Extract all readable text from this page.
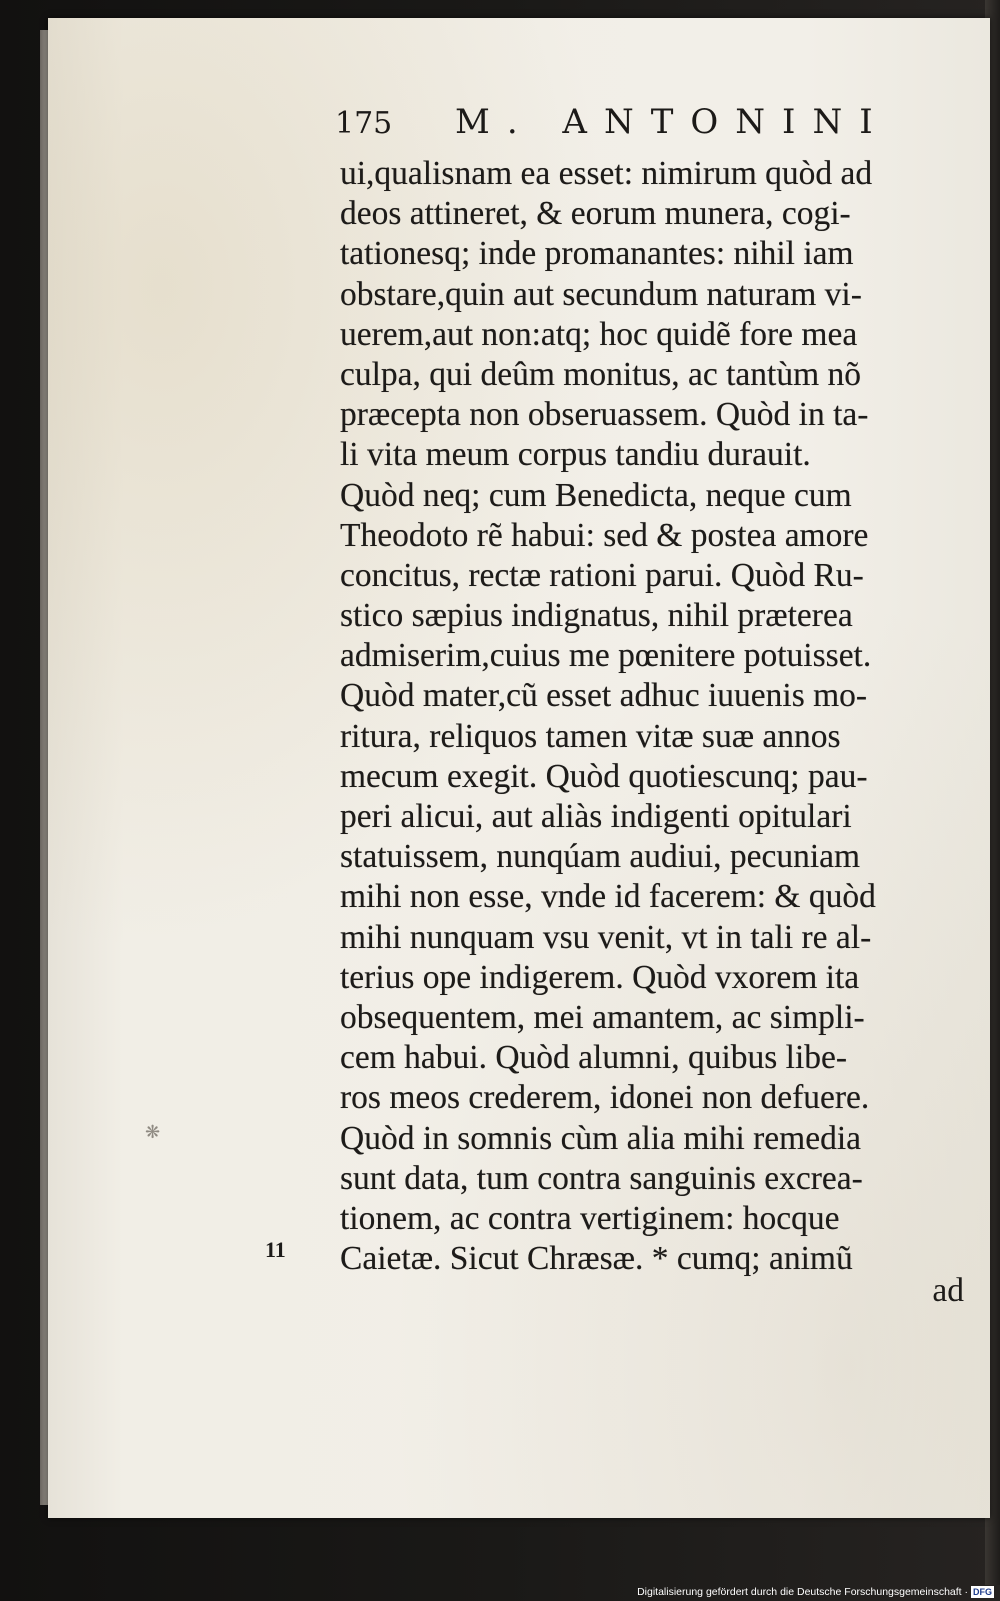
175 M. ANTONINI
ui,qualisnam ea esset: nimirum quòd ad
deos attineret, & eorum munera, cogi-
tationesq; inde promanantes: nihil iam
obstare,quin aut secundum naturam vi-
uerem,aut non:atq; hoc quidẽ fore mea
culpa, qui deûm monitus, ac tantùm nõ
præcepta non obseruassem. Quòd in ta-
li vita meum corpus tandiu durauit.
Quòd neq; cum Benedicta, neque cum
Theodoto rẽ habui: sed & postea amore
concitus, rectæ rationi parui. Quòd Ru-
stico sæpius indignatus, nihil præterea
admiserim,cuius me pœnitere potuisset.
Quòd mater,cũ esset adhuc iuuenis mo-
ritura, reliquos tamen vitæ suæ annos
mecum exegit. Quòd quotiescunq; pau-
peri alicui, aut aliàs indigenti opitulari
statuissem, nunqúam audiui, pecuniam
mihi non esse, vnde id facerem: & quòd
mihi nunquam vsu venit, vt in tali re al-
terius ope indigerem. Quòd vxorem ita
obsequentem, mei amantem, ac simpli-
cem habui. Quòd alumni, quibus libe-
ros meos crederem, idonei non defuere.
Quòd in somnis cùm alia mihi remedia
sunt data, tum contra sanguinis excrea-
tionem, ac contra vertiginem: hocque
Caietæ. Sicut Chræsæ. * cumq; animũ
11
ad
❋
Digitalisierung gefördert durch die Deutsche Forschungsgemeinschaft · DFG
